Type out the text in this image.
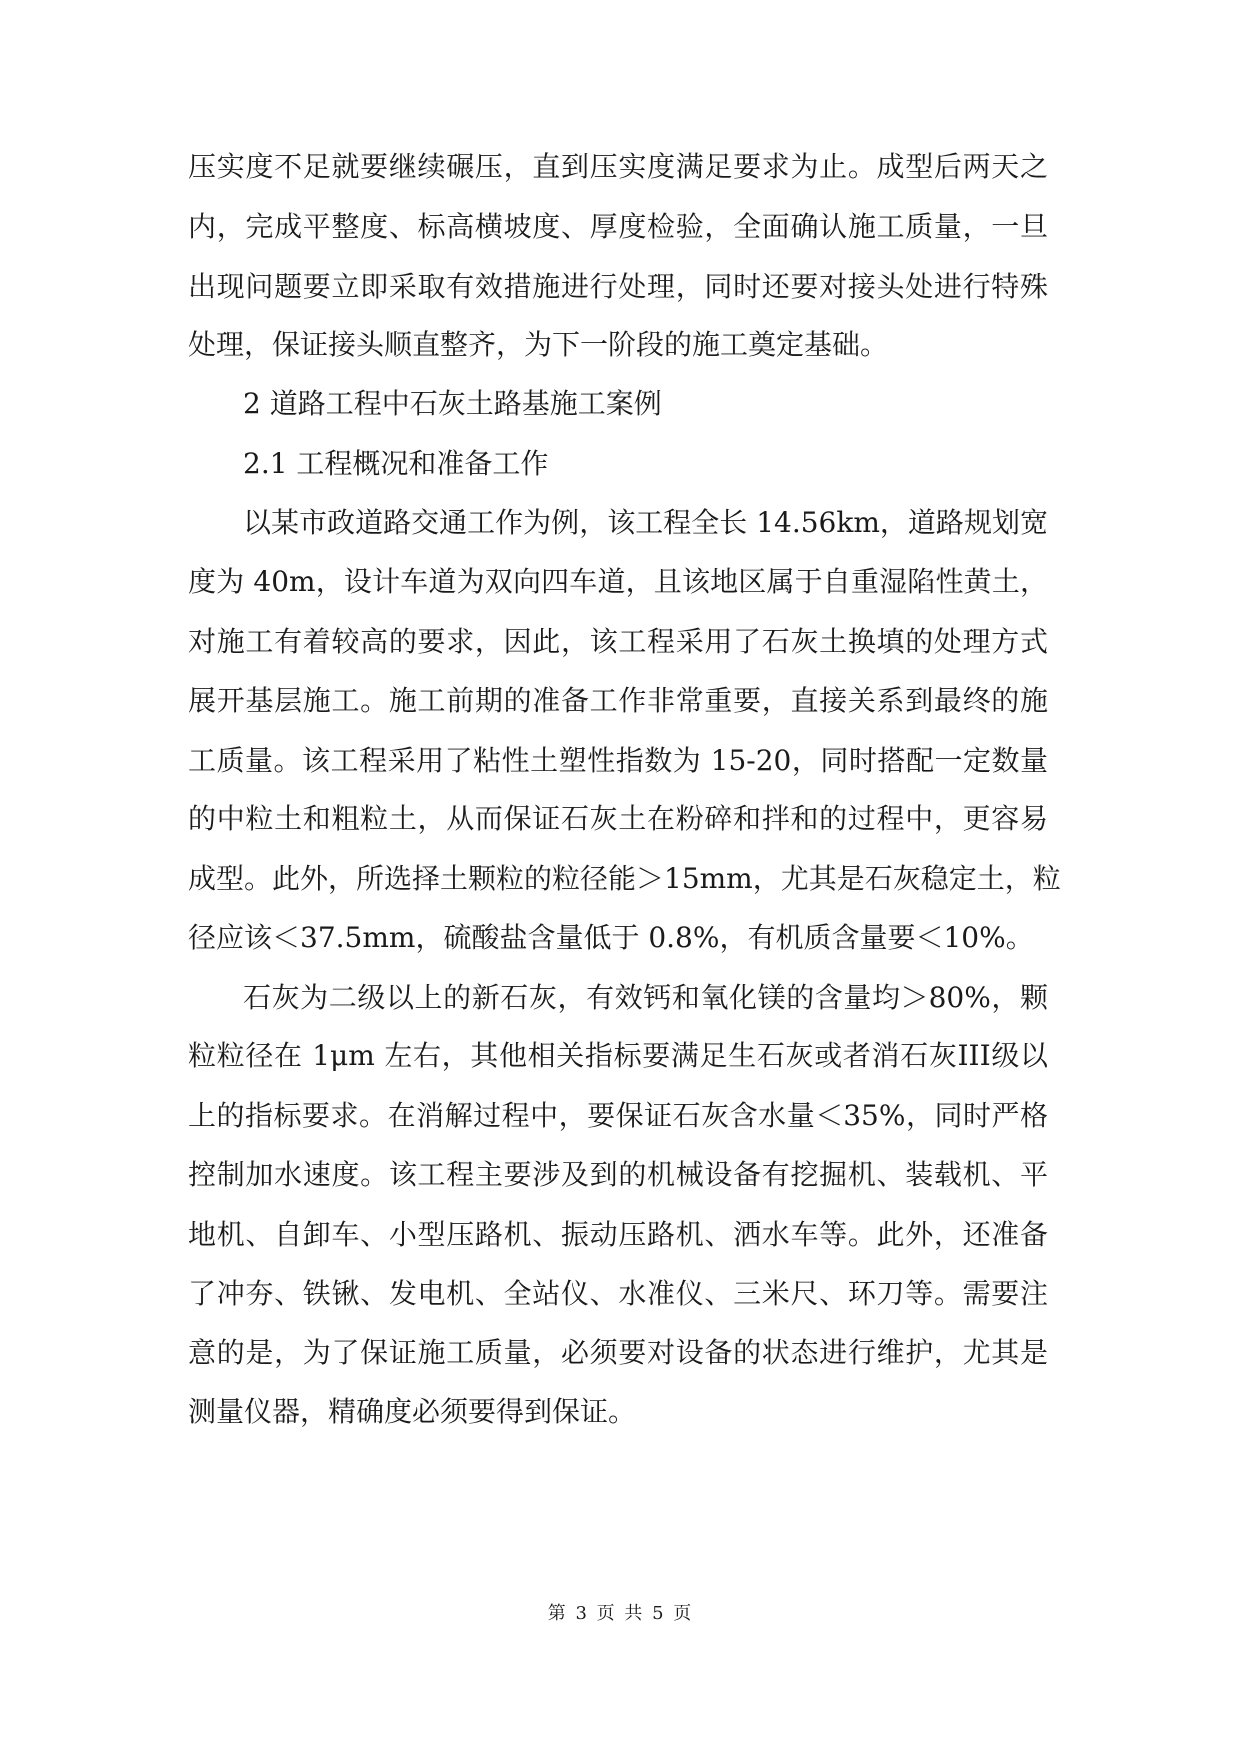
压实度不足就要继续碾压，直到压实度满足要求为止。成型后两天之
内，完成平整度、标高横坡度、厚度检验，全面确认施工质量，一旦
出现问题要立即采取有效措施进行处理，同时还要对接头处进行特殊
处理，保证接头顺直整齐，为下一阶段的施工奠定基础。
2 道路工程中石灰土路基施工案例
2.1 工程概况和准备工作
以某市政道路交通工作为例，该工程全长 14.56km，道路规划宽
度为 40m，设计车道为双向四车道，且该地区属于自重湿陷性黄土，
对施工有着较高的要求，因此，该工程采用了石灰土换填的处理方式
展开基层施工。施工前期的准备工作非常重要，直接关系到最终的施
工质量。该工程采用了粘性土塑性指数为 15-20，同时搭配一定数量
的中粒土和粗粒土，从而保证石灰土在粉碎和拌和的过程中，更容易
成型。此外，所选择土颗粒的粒径能＞15mm，尤其是石灰稳定土，粒
径应该＜37.5mm，硫酸盐含量低于 0.8%，有机质含量要＜10%。
石灰为二级以上的新石灰，有效钙和氧化镁的含量均＞80%，颗
粒粒径在 1μm 左右，其他相关指标要满足生石灰或者消石灰III级以
上的指标要求。在消解过程中，要保证石灰含水量＜35%，同时严格
控制加水速度。该工程主要涉及到的机械设备有挖掘机、装载机、平
地机、自卸车、小型压路机、振动压路机、洒水车等。此外，还准备
了冲夯、铁锹、发电机、全站仪、水准仪、三米尺、环刀等。需要注
意的是，为了保证施工质量，必须要对设备的状态进行维护，尤其是
测量仪器，精确度必须要得到保证。
第 3 页 共 5 页
